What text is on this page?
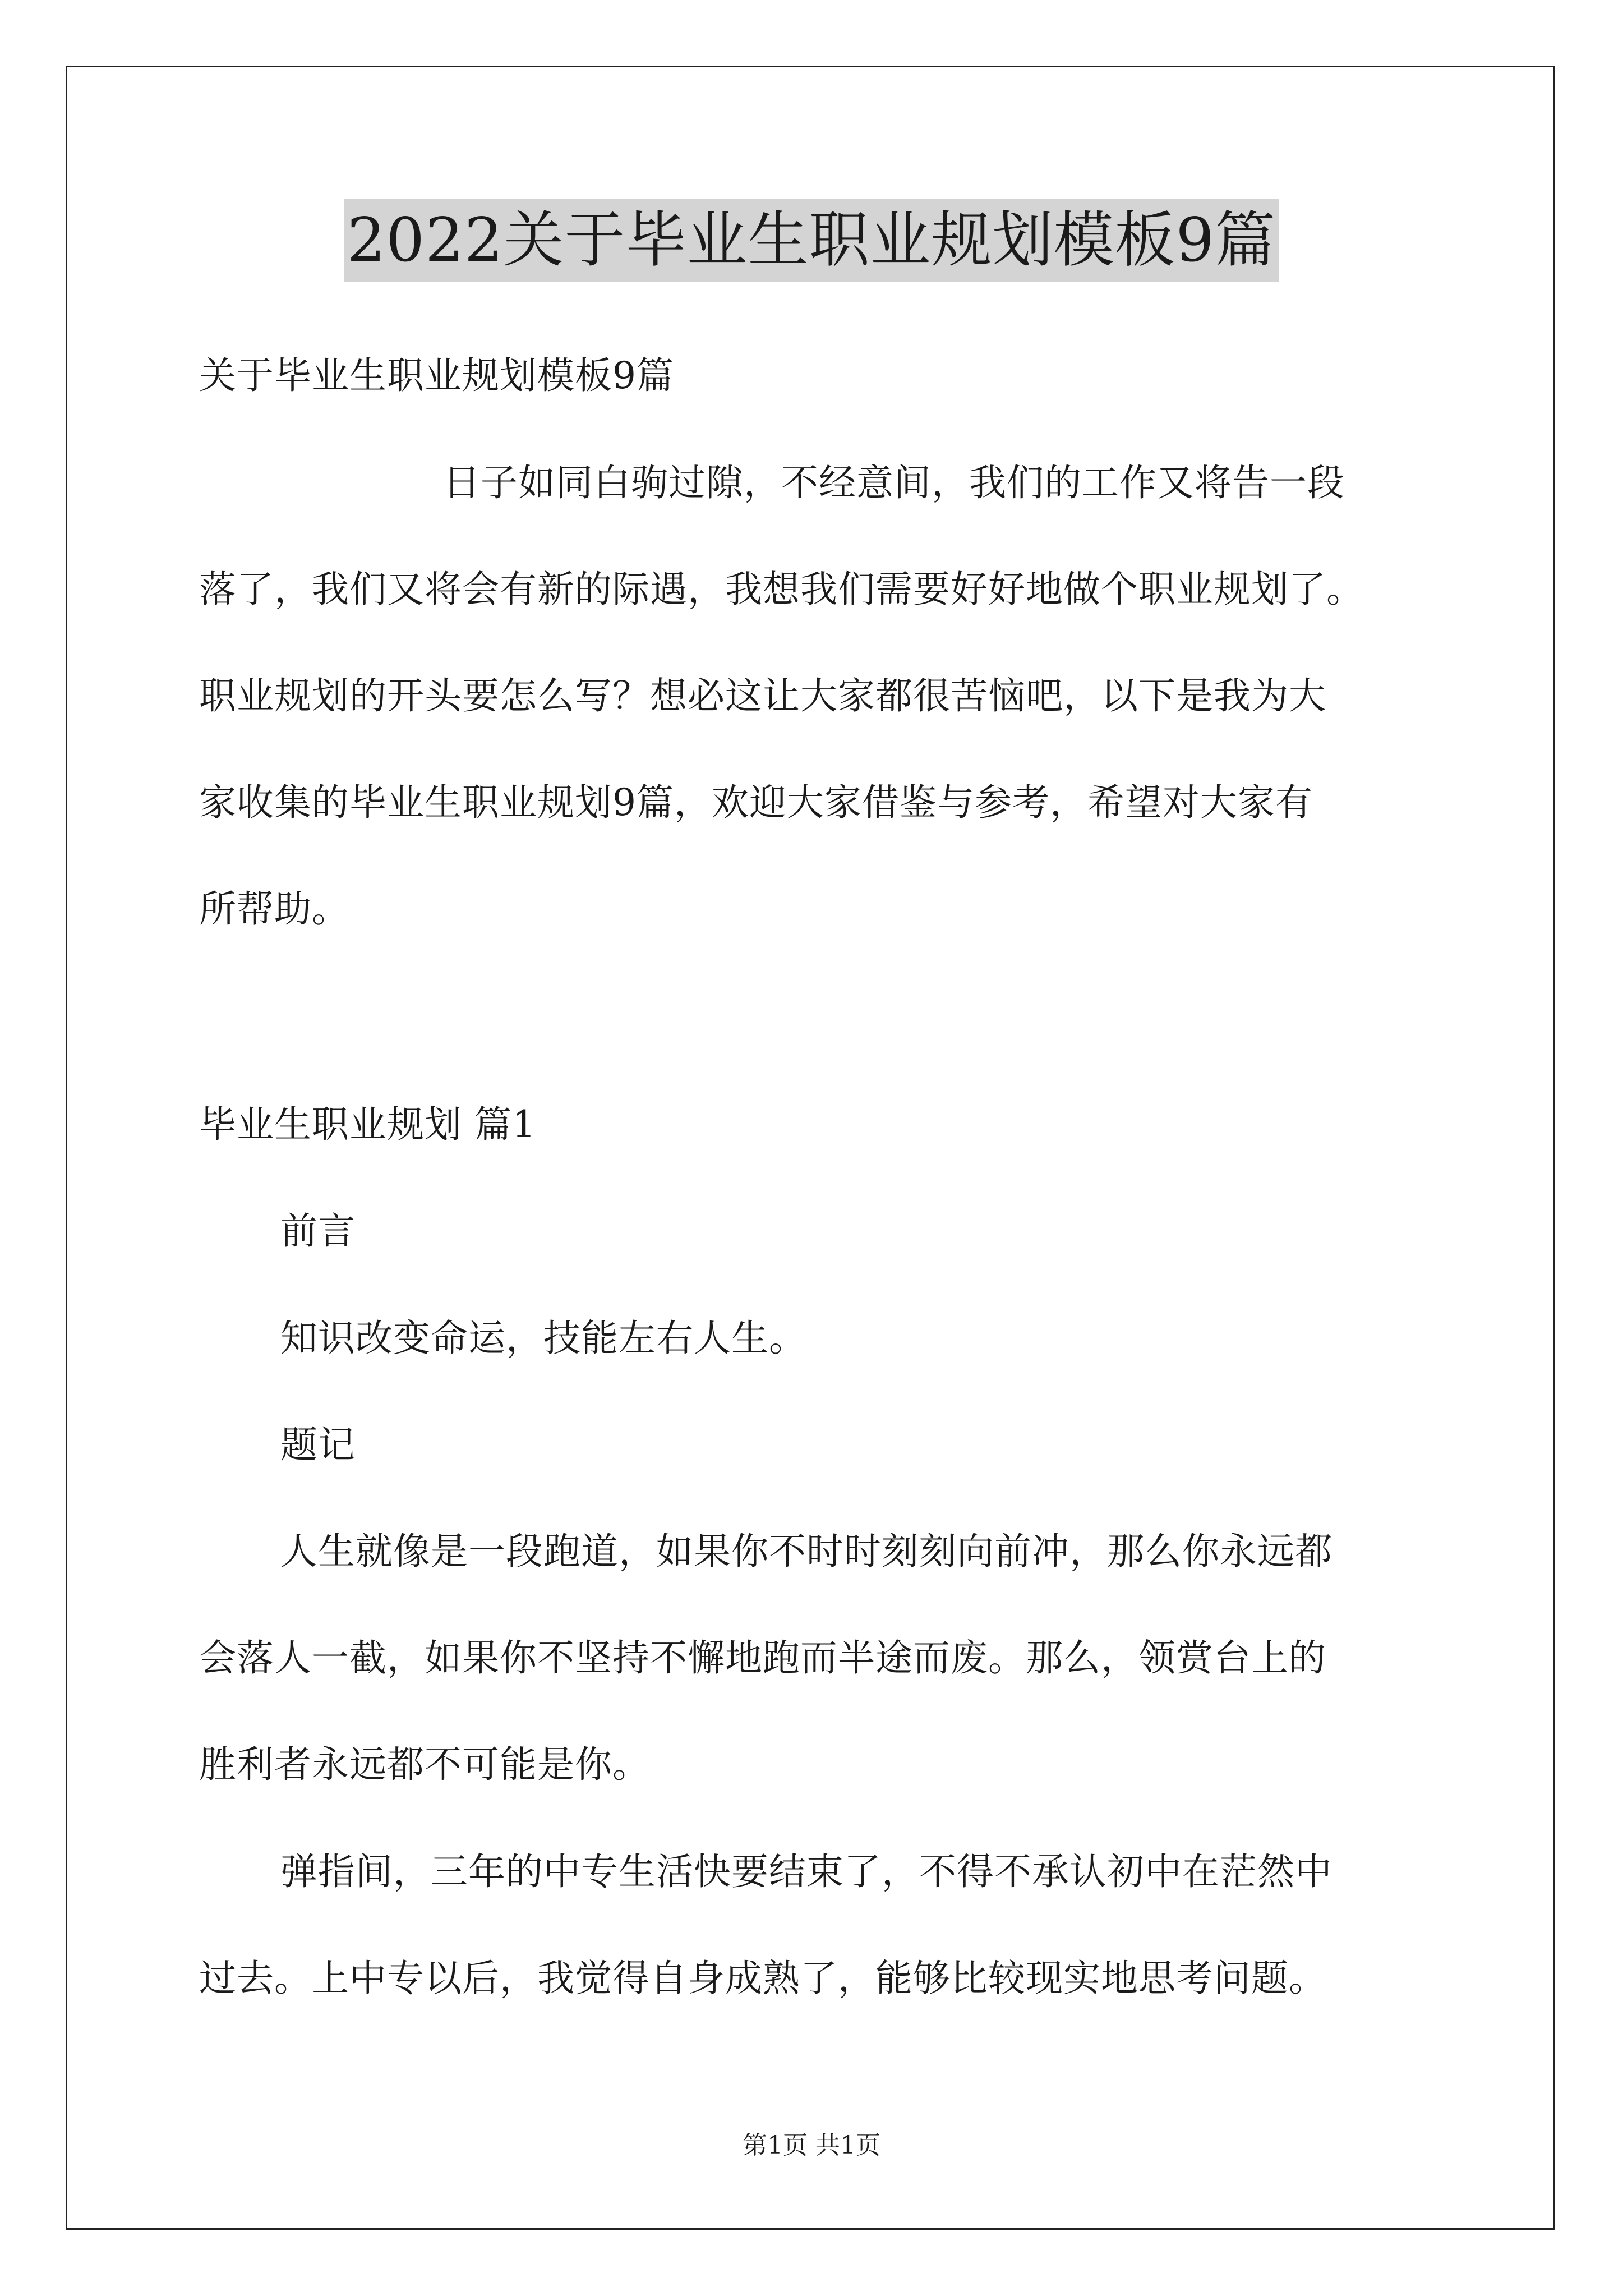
2022关于毕业生职业规划模板9篇
关于毕业生职业规划模板9篇
日子如同白驹过隙，不经意间，我们的工作又将告一段
落了，我们又将会有新的际遇，我想我们需要好好地做个职业规划了。
职业规划的开头要怎么写？想必这让大家都很苦恼吧，以下是我为大
家收集的毕业生职业规划9篇，欢迎大家借鉴与参考，希望对大家有
所帮助。
毕业生职业规划 篇1
前言
知识改变命运，技能左右人生。
题记
人生就像是一段跑道，如果你不时时刻刻向前冲，那么你永远都
会落人一截，如果你不坚持不懈地跑而半途而废。那么，领赏台上的
胜利者永远都不可能是你。
弹指间，三年的中专生活快要结束了，不得不承认初中在茫然中
过去。上中专以后，我觉得自身成熟了，能够比较现实地思考问题。
第1页 共1页
